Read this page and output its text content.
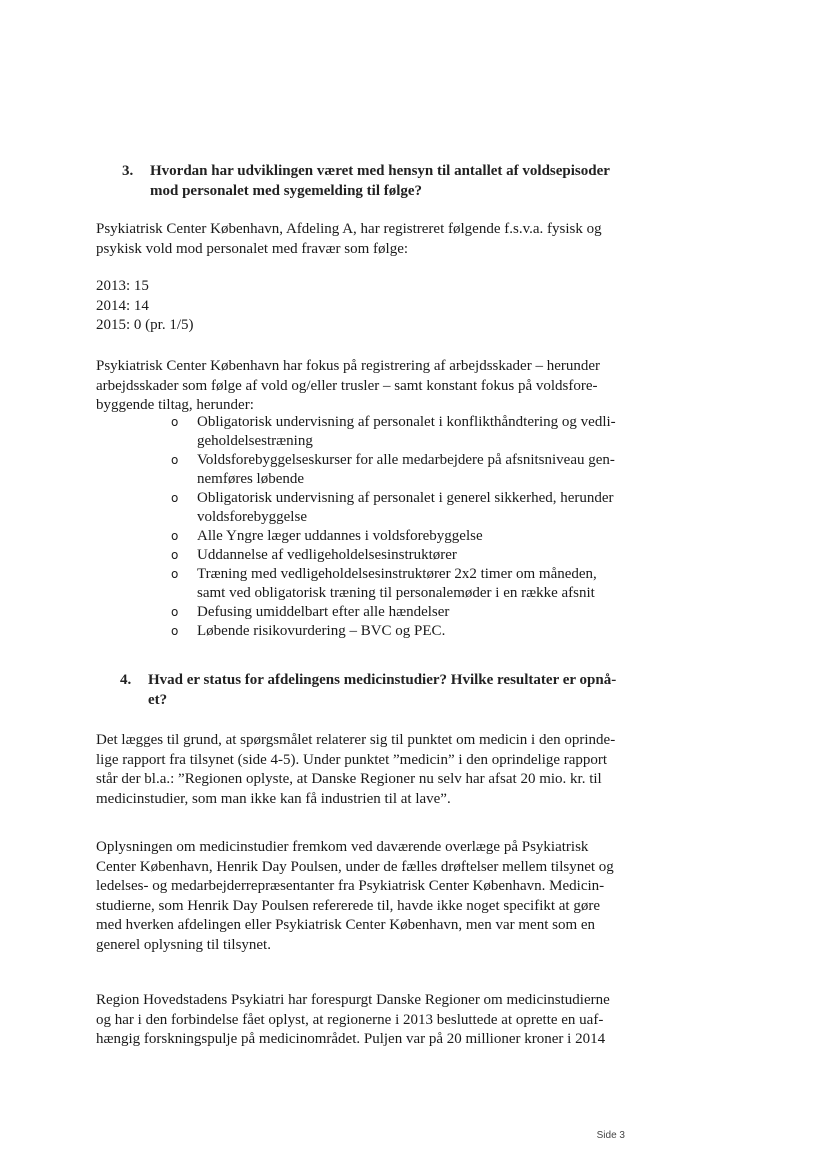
3. Hvordan har udviklingen været med hensyn til antallet af voldsepisoder
mod personalet med sygemelding til følge?
Psykiatrisk Center København, Afdeling A, har registreret følgende f.s.v.a. fysisk og
psykisk vold mod personalet med fravær som følge:
2013: 15
2014: 14
2015: 0 (pr. 1/5)
Psykiatrisk Center København har fokus på registrering af arbejdsskader – herunder
arbejdsskader som følge af vold og/eller trusler – samt konstant fokus på voldsfore-
byggende tiltag, herunder:
o Obligatorisk undervisning af personalet i konflikthåndtering og vedli-
geholdelsestræning
o Voldsforebyggelseskurser for alle medarbejdere på afsnitsniveau gen-
nemføres løbende
o Obligatorisk undervisning af personalet i generel sikkerhed, herunder
voldsforebyggelse
o Alle Yngre læger uddannes i voldsforebyggelse
o Uddannelse af vedligeholdelsesinstruktører
o Træning med vedligeholdelsesinstruktører 2x2 timer om måneden,
samt ved obligatorisk træning til personalemøder i en række afsnit
o Defusing umiddelbart efter alle hændelser
o Løbende risikovurdering – BVC og PEC.
4. Hvad er status for afdelingens medicinstudier? Hvilke resultater er opnå-
et?
Det lægges til grund, at spørgsmålet relaterer sig til punktet om medicin i den oprinde-
lige rapport fra tilsynet (side 4-5). Under punktet ”medicin” i den oprindelige rapport
står der bl.a.: ”Regionen oplyste, at Danske Regioner nu selv har afsat 20 mio. kr. til
medicinstudier, som man ikke kan få industrien til at lave”.
Oplysningen om medicinstudier fremkom ved daværende overlæge på Psykiatrisk
Center København, Henrik Day Poulsen, under de fælles drøftelser mellem tilsynet og
ledelses- og medarbejderrepræsentanter fra Psykiatrisk Center København. Medicin-
studierne, som Henrik Day Poulsen refererede til, havde ikke noget specifikt at gøre
med hverken afdelingen eller Psykiatrisk Center København, men var ment som en
generel oplysning til tilsynet.
Region Hovedstadens Psykiatri har forespurgt Danske Regioner om medicinstudierne
og har i den forbindelse fået oplyst, at regionerne i 2013 besluttede at oprette en uaf-
hængig forskningspulje på medicinområdet. Puljen var på 20 millioner kroner i 2014
Side 3
